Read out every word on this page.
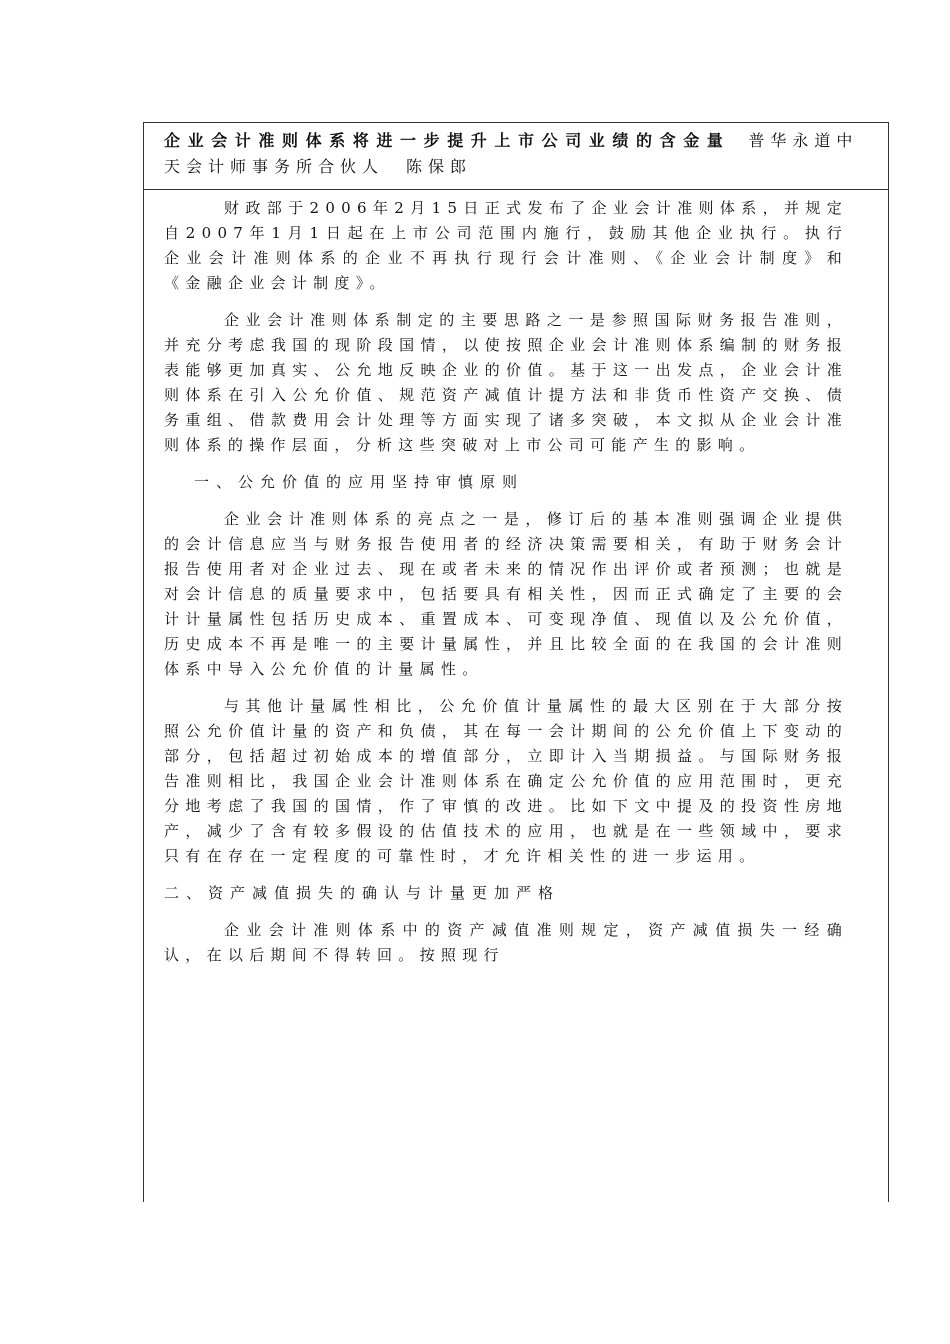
企业会计准则体系将进一步提升上市公司业绩的含金量 普华永道中天会计师事务所合伙人　陈保郎

财政部于2006年2月15日正式发布了企业会计准则体系，并规定自2007年1月1日起在上市公司范围内施行，鼓励其他企业执行。执行企业会计准则体系的企业不再执行现行会计准则、《企业会计制度》和《金融企业会计制度》。

企业会计准则体系制定的主要思路之一是参照国际财务报告准则，并充分考虑我国的现阶段国情，以使按照企业会计准则体系编制的财务报表能够更加真实、公允地反映企业的价值。基于这一出发点，企业会计准则体系在引入公允价值、规范资产减值计提方法和非货币性资产交换、债务重组、借款费用会计处理等方面实现了诸多突破，本文拟从企业会计准则体系的操作层面，分析这些突破对上市公司可能产生的影响。

一、公允价值的应用坚持审慎原则

企业会计准则体系的亮点之一是，修订后的基本准则强调企业提供的会计信息应当与财务报告使用者的经济决策需要相关，有助于财务会计报告使用者对企业过去、现在或者未来的情况作出评价或者预测；也就是对会计信息的质量要求中，包括要具有相关性，因而正式确定了主要的会计计量属性包括历史成本、重置成本、可变现净值、现值以及公允价值，历史成本不再是唯一的主要计量属性，并且比较全面的在我国的会计准则体系中导入公允价值的计量属性。

与其他计量属性相比，公允价值计量属性的最大区别在于大部分按照公允价值计量的资产和负债，其在每一会计期间的公允价值上下变动的部分，包括超过初始成本的增值部分，立即计入当期损益。与国际财务报告准则相比，我国企业会计准则体系在确定公允价值的应用范围时，更充分地考虑了我国的国情，作了审慎的改进。比如下文中提及的投资性房地产，减少了含有较多假设的估值技术的应用，也就是在一些领域中，要求只有在存在一定程度的可靠性时，才允许相关性的进一步运用。

二、资产减值损失的确认与计量更加严格

企业会计准则体系中的资产减值准则规定，资产减值损失一经确认，在以后期间不得转回。按照现行
